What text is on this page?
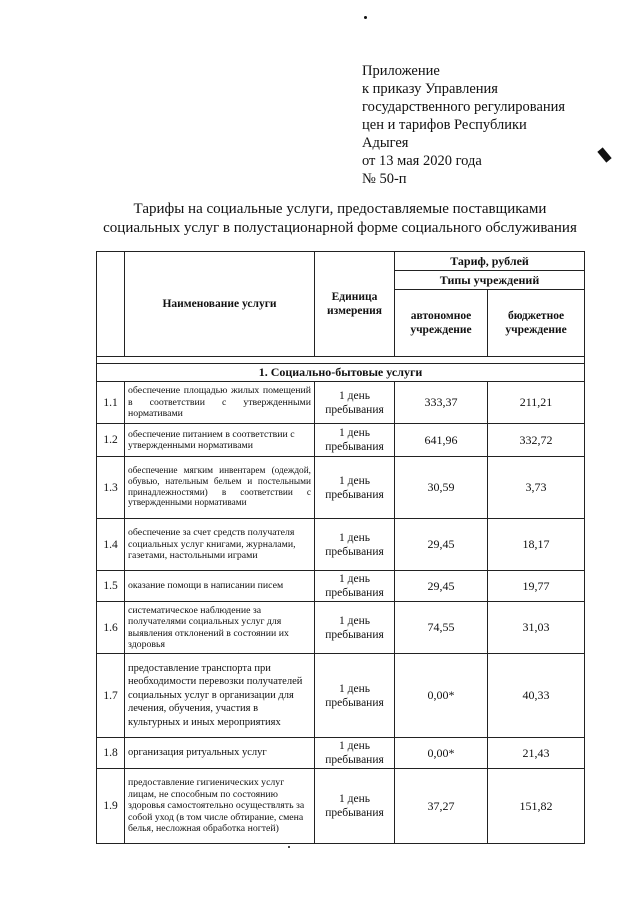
Приложение
к приказу Управления
государственного регулирования
цен и тарифов Республики
Адыгея
от 13 мая 2020 года
№ 50-п
Тарифы на социальные услуги, предоставляемые поставщиками
социальных услуг в полустационарной форме социального обслуживания
	Наименование услуги	Единица измерения	Тариф, рублей	
			Типы учреждений	
			автономное учреждение	бюджетное учреждение

1. Социально-бытовые услуги				
1.1	обеспечение площадью жилых помещений в соответствии с утвержденными нормативами	1 день пребывания	333,37	211,21
1.2	обеспечение питанием в соответствии с утвержденными нормативами	1 день пребывания	641,96	332,72
1.3	обеспечение мягким инвентарем (одеждой, обувью, нательным бельем и постельными принадлежностями) в соответствии с утвержденными нормативами	1 день пребывания	30,59	3,73
1.4	обеспечение за счет средств получателя социальных услуг книгами, журналами, газетами, настольными играми	1 день пребывания	29,45	18,17
1.5	оказание помощи в написании писем	1 день пребывания	29,45	19,77
1.6	систематическое наблюдение за получателями социальных услуг для выявления отклонений в состоянии их здоровья	1 день пребывания	74,55	31,03
1.7	предоставление транспорта при необходимости перевозки получателей социальных услуг в организации для лечения, обучения, участия в культурных и иных мероприятиях	1 день пребывания	0,00*	40,33
1.8	организация ритуальных услуг	1 день пребывания	0,00*	21,43
1.9	предоставление гигиенических услуг лицам, не способным по состоянию здоровья самостоятельно осуществлять за собой уход (в том числе обтирание, смена белья, несложная обработка ногтей)	1 день пребывания	37,27	151,82
